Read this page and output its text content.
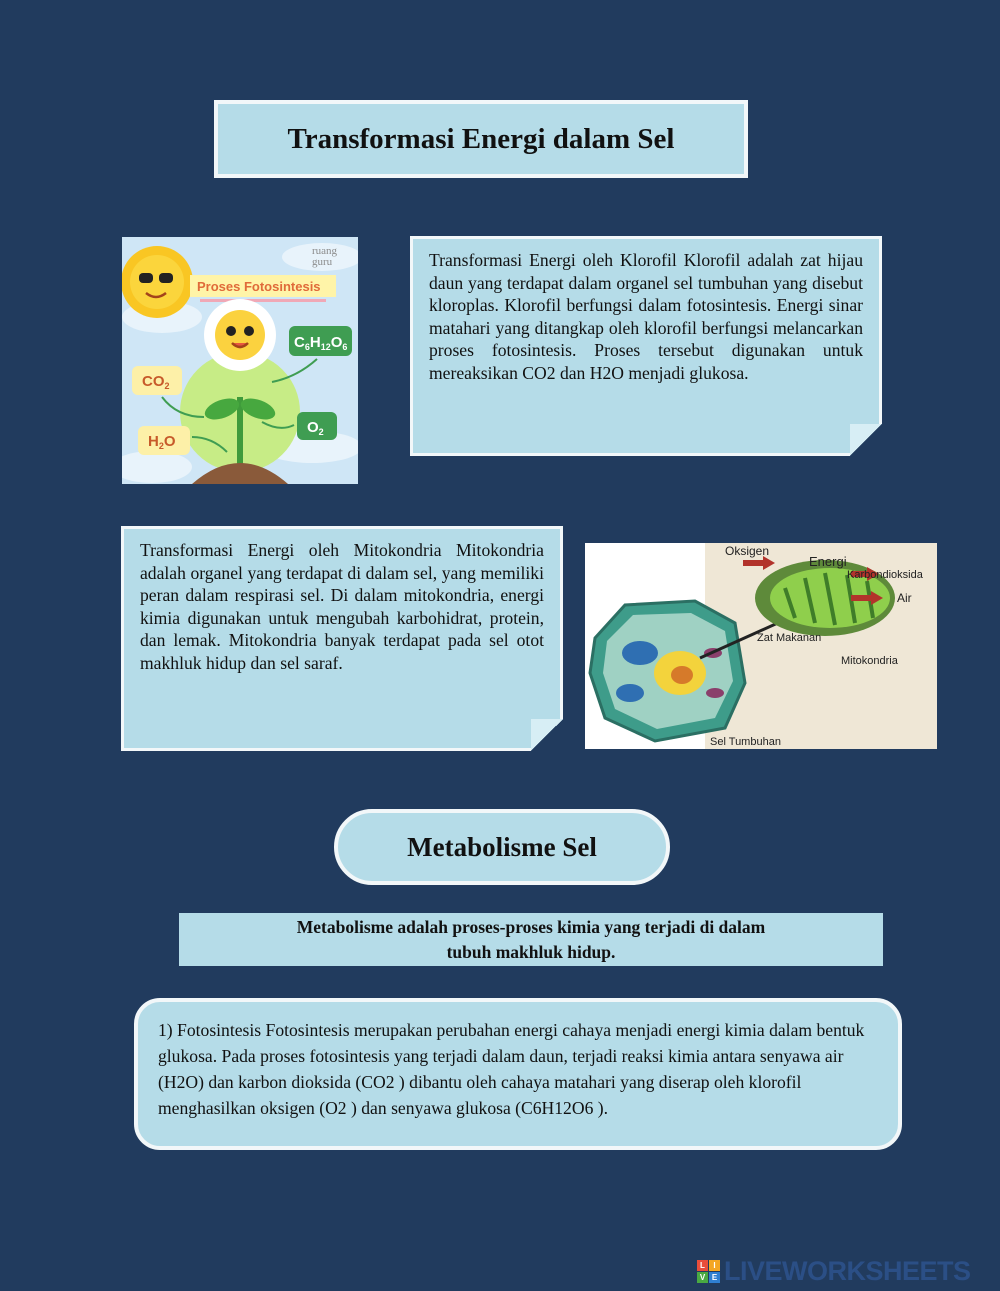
Transformasi Energi dalam Sel
ruang
guru
Proses Fotosintesis
$C_6H_{12}O_6$
$CO_2$
$H_2O$
$O_2$

Transformasi Energi oleh Klorofil Klorofil adalah zat hijau daun yang terdapat dalam organel sel tumbuhan yang disebut kloroplas. Klorofil berfungsi dalam fotosintesis. Energi sinar matahari yang ditangkap oleh klorofil berfungsi melancarkan proses fotosintesis. Proses tersebut digunakan untuk mereaksikan CO2 dan H2O menjadi glukosa.

Transformasi Energi oleh Mitokondria Mitokondria adalah organel yang terdapat di dalam sel, yang memiliki peran dalam respirasi sel. Di dalam mitokondria, energi kimia digunakan untuk mengubah karbohidrat, protein, dan lemak. Mitokondria banyak terdapat pada sel otot makhluk hidup dan sel saraf.

Oksigen
Energi
Karbondioksida
Air
Zat Makanan
Mitokondria
Sel Tumbuhan
Metabolisme Sel
Metabolisme adalah proses-proses kimia yang terjadi di dalam
tubuh makhluk hidup.
1) Fotosintesis Fotosintesis merupakan perubahan energi cahaya menjadi energi kimia dalam bentuk glukosa. Pada proses fotosintesis yang terjadi dalam daun, terjadi reaksi kimia antara senyawa air (H2O) dan karbon dioksida (CO2 ) dibantu oleh cahaya matahari yang diserap oleh klorofil menghasilkan oksigen (O2 ) dan senyawa glukosa (C6H12O6 ).
L	I
V E LIVEWORKSHEETS
